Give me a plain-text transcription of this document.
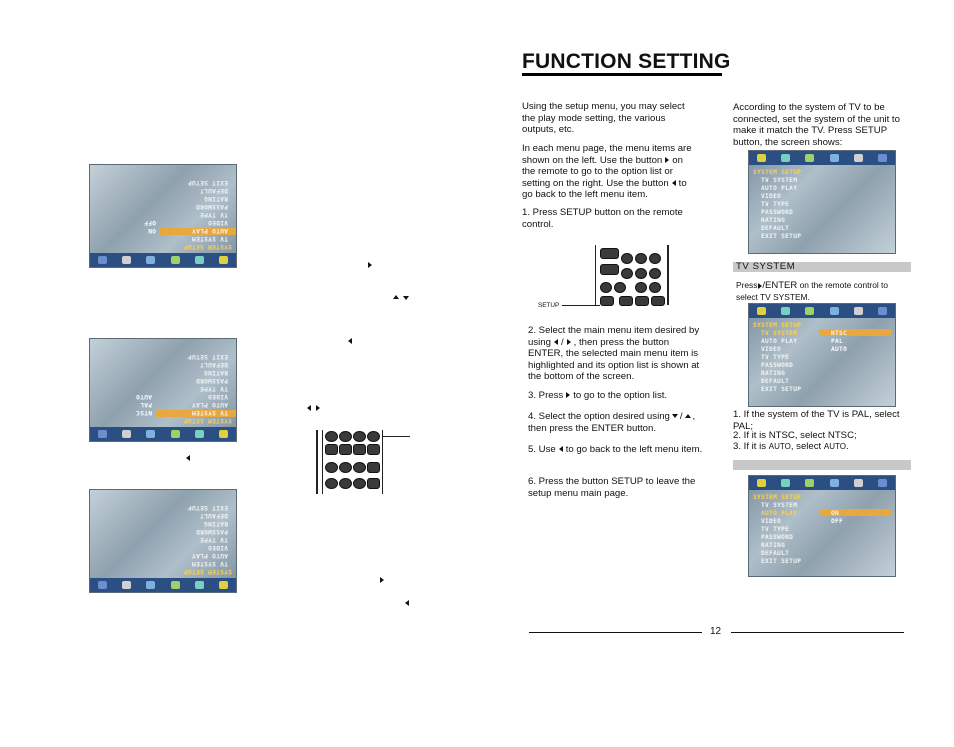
SYSTEM SETUP
TV SYSTEM
AUTO PLAY
VIDEO
TV TYPE
PASSWORD
RATING
DEFAULT
EXIT SETUP
ON
OFF
SYSTEM SETUP
TV SYSTEM
AUTO PLAY
VIDEO
TV TYPE
PASSWORD
RATING
DEFAULT
EXIT SETUP
NTSC
PAL
AUTO
SYSTEM SETUP
TV SYSTEM
AUTO PLAY
VIDEO
TV TYPE
PASSWORD
RATING
DEFAULT
EXIT SETUP
FUNCTION SETTING
Using the setup menu, you may select the play mode setting, the various outputs, etc.
In each menu page, the menu items are shown on the left. Use the button on the remote to go to the option list or setting on the right. Use the button to go back to the left menu item.
1. Press SETUP button on the remote control.
SETUP
2. Select the main menu item desired by using / , then press the button ENTER, the selected main menu item is highlighted and its option list is shown at the bottom of the screen.
3. Press to go to the option list.
4. Select the option desired using / , then press the ENTER button.
5. Use to go back to the left menu item.
6. Press the button SETUP to leave the setup menu main page.
According to the system of TV to be connected, set the system of the unit to make it match the TV. Press SETUP button, the screen shows:
SYSTEM SETUP
TV SYSTEM
AUTO PLAY
VIDEO
TV TYPE
PASSWORD
RATING
DEFAULT
EXIT SETUP
TV SYSTEM
Press /ENTER on the remote control to select TV SYSTEM.
SYSTEM SETUP
TV SYSTEM
AUTO PLAY
VIDEO
TV TYPE
PASSWORD
RATING
DEFAULT
EXIT SETUP
NTSC
PAL
AUTO
1. If the system of the TV is PAL, select PAL;
2. If it is NTSC, select NTSC;
3. If it is AUTO, select AUTO.
SYSTEM SETUP
TV SYSTEM
AUTO PLAY
VIDEO
TV TYPE
PASSWORD
RATING
DEFAULT
EXIT SETUP
ON
OFF
12
